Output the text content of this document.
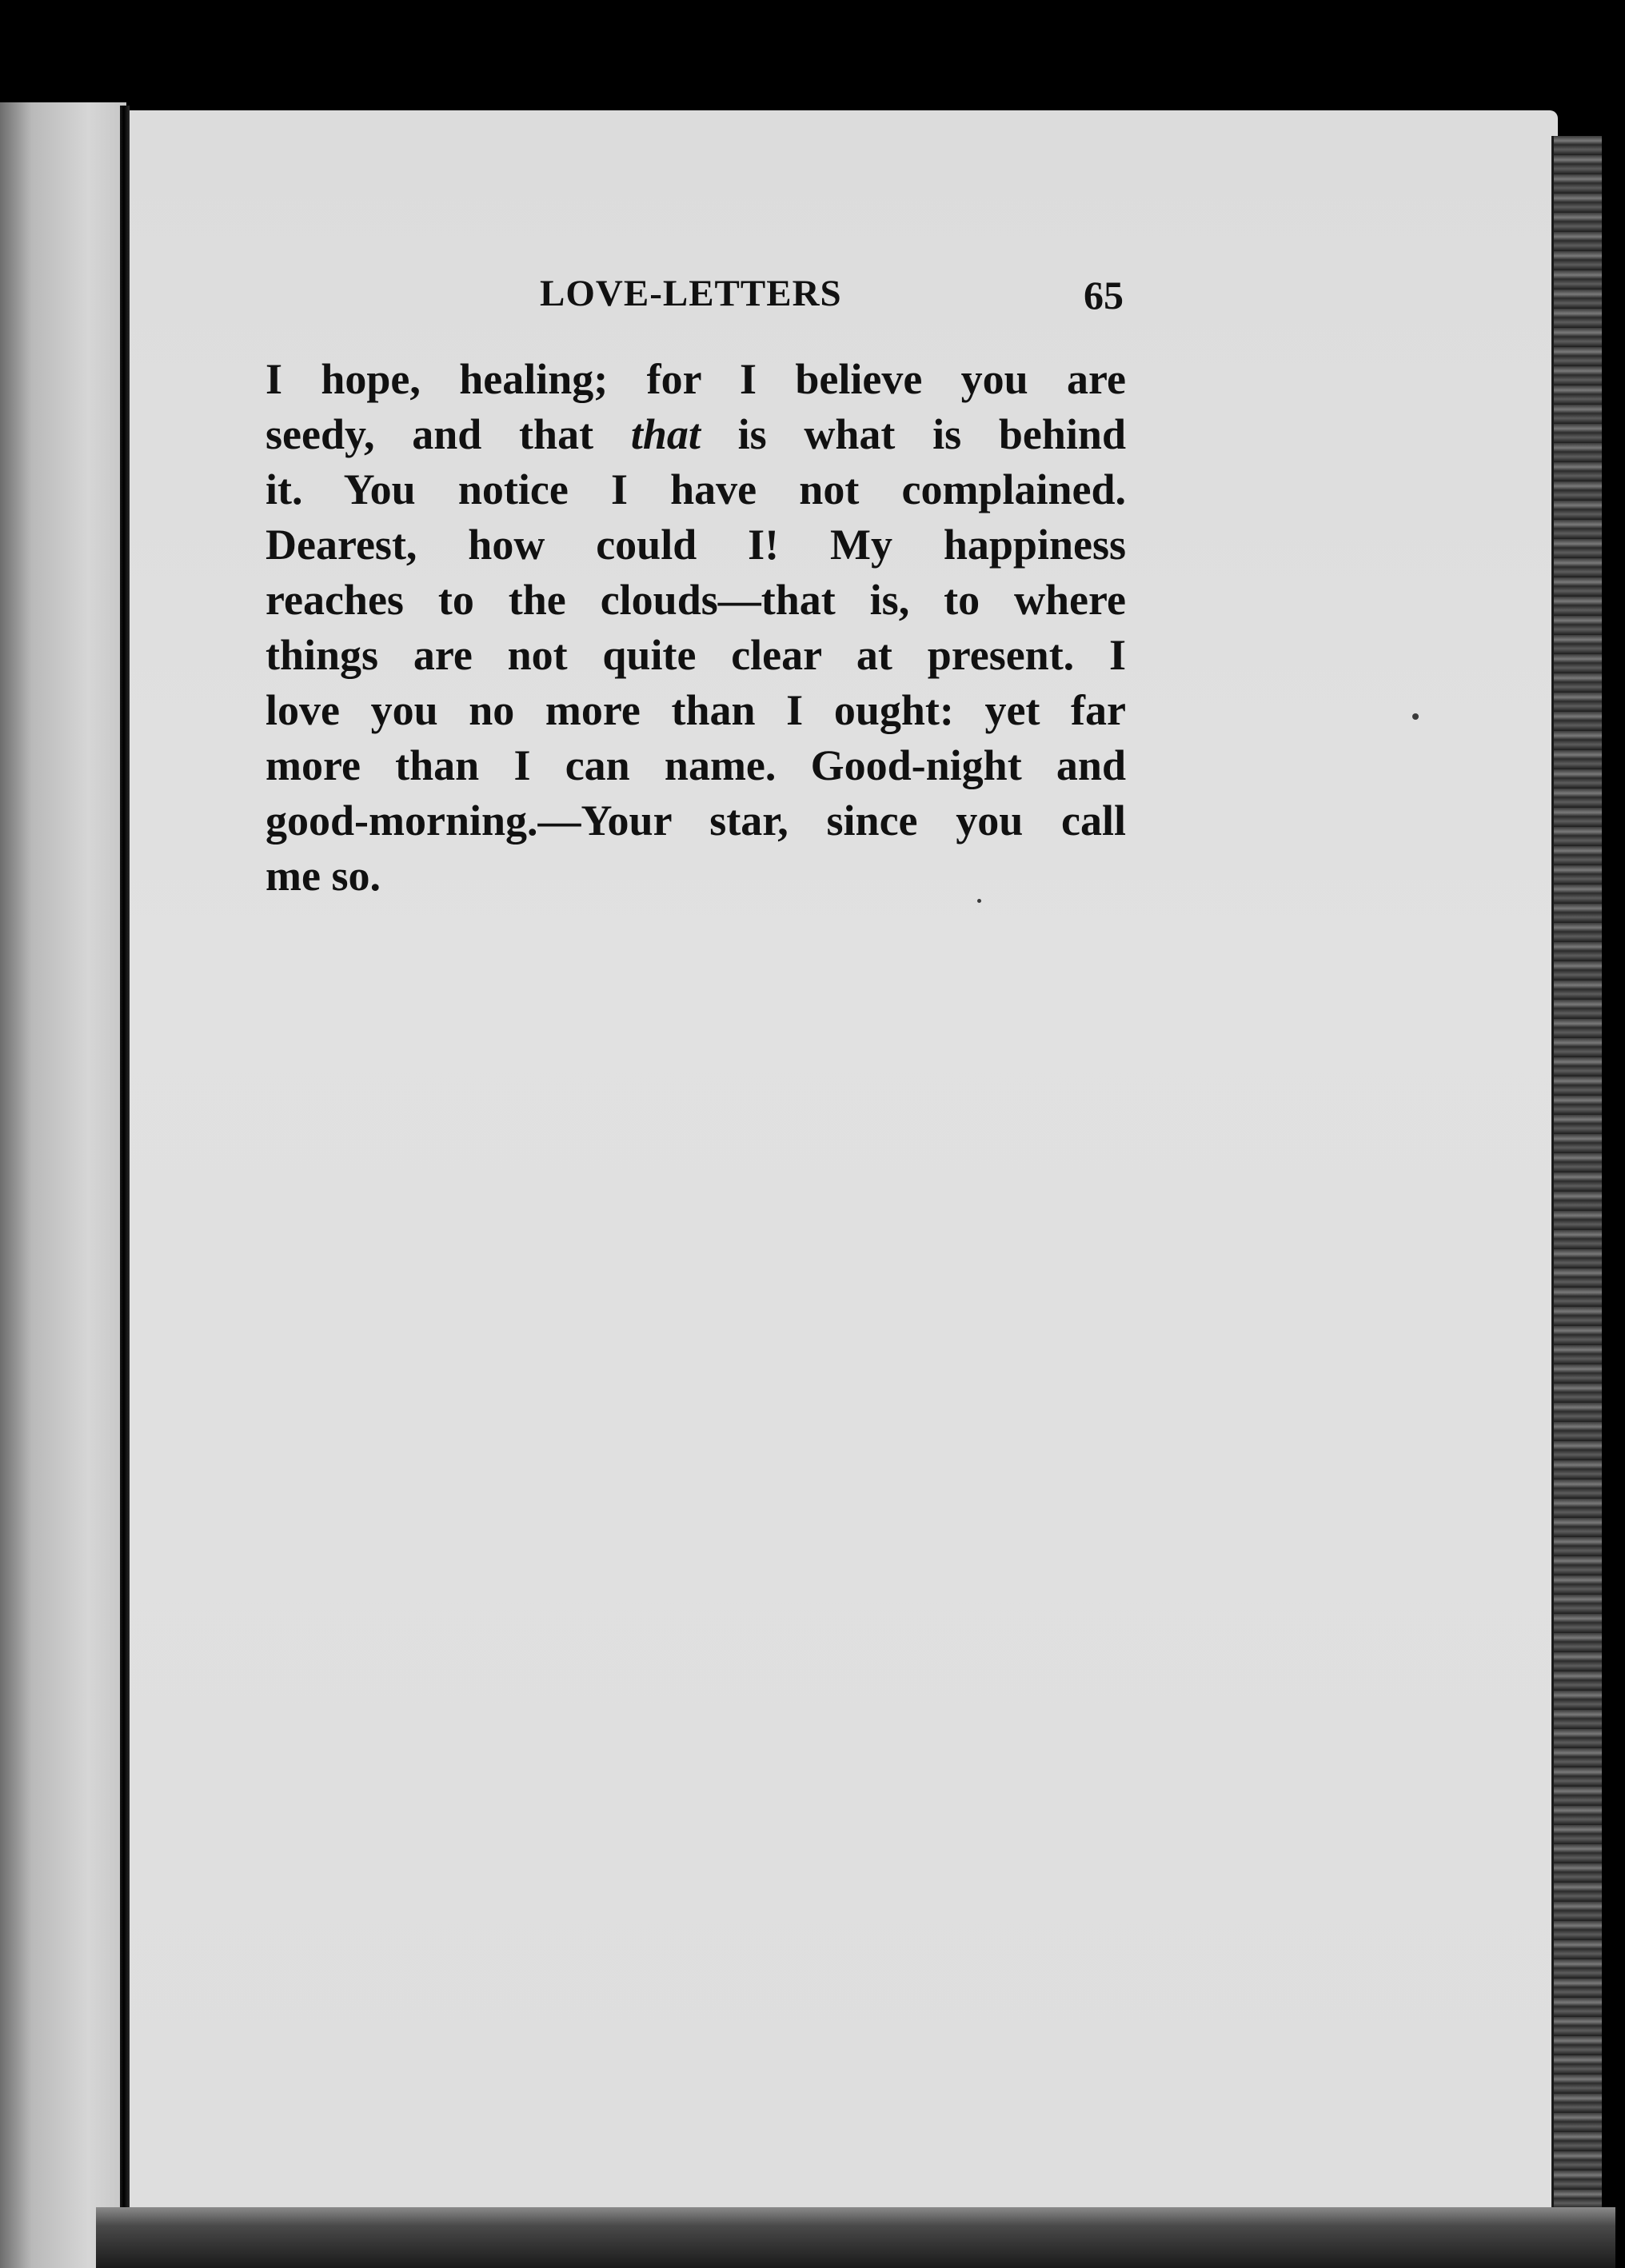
LOVE-LETTERS	65
I hope, healing; for I believe you are
seedy, and that that is what is behind
it. You notice I have not complained.
Dearest, how could I! My happiness
reaches to the clouds—that is, to where
things are not quite clear at present. I
love you no more than I ought: yet far
more than I can name. Good-night and
good-morning.—Your star, since you call
me so.
